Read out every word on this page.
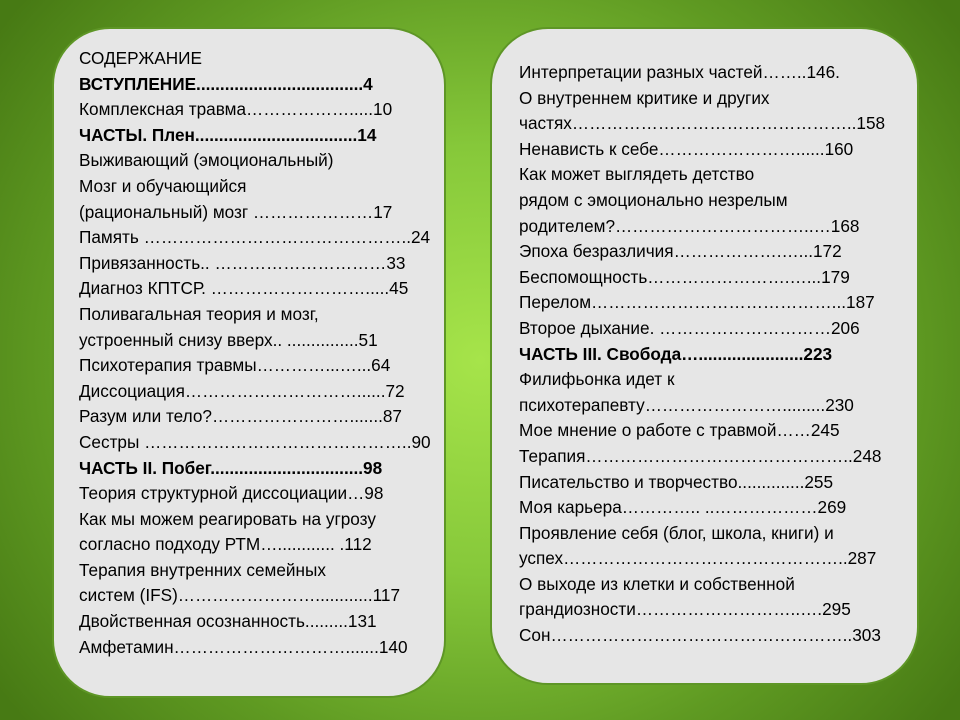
СОДЕРЖАНИЕ
ВСТУПЛЕНИЕ...................................4
Комплексная травма……………….....10
ЧАСТЫ. Плен..................................14
Выживающий (эмоциональный)
Мозг и обучающийся
(рациональный) мозг …………………17
Память ………………………………………..24
Привязанность.. …………………………33
Диагноз КПТСР. ……………………….....45
Поливагальная теория и мозг,
устроенный снизу вверх.. ...............51
Психотерапия травмы…………...…...64
Диссоциация…………………………......72
Разум или тело?…………………….......87
Сестры ………………………………………..90
ЧАСТЬ II. Побег................................98
Теория структурной диссоциации…98
Как мы можем реагировать на угрозу
согласно подходу РТМ…............ .112
Терапия внутренних семейных
систем (IFS)……………………............117
Двойственная осознанность.........131
Амфетамин………………………….......140
Интерпретации разных частей……..146.
О внутреннем критике и других
частях…………………………………………..158
Ненависть к себе……………………......160
Как может выглядеть детство
рядом с эмоционально незрелым
родителем?……………………………..…168
Эпоха безразличия……………….…...172
Беспомощность…………………….…...179
Перелом……………………………………...187
Второе дыхание. …………………………206
ЧАСТЬ III. Свобода…......................223
Филифьонка идет к
психотерапевту…………………….........230
Мое мнение о работе с травмой……245
Терапия………………………………………..248
Писательство и творчество..............255
Моя карьера………….. ..………………269
Проявление себя (блог, школа, книги) и
успех…………………………………………..287
О выходе из клетки и собственной
грандиозности………………………..….295
Сон……………………………………………..303
